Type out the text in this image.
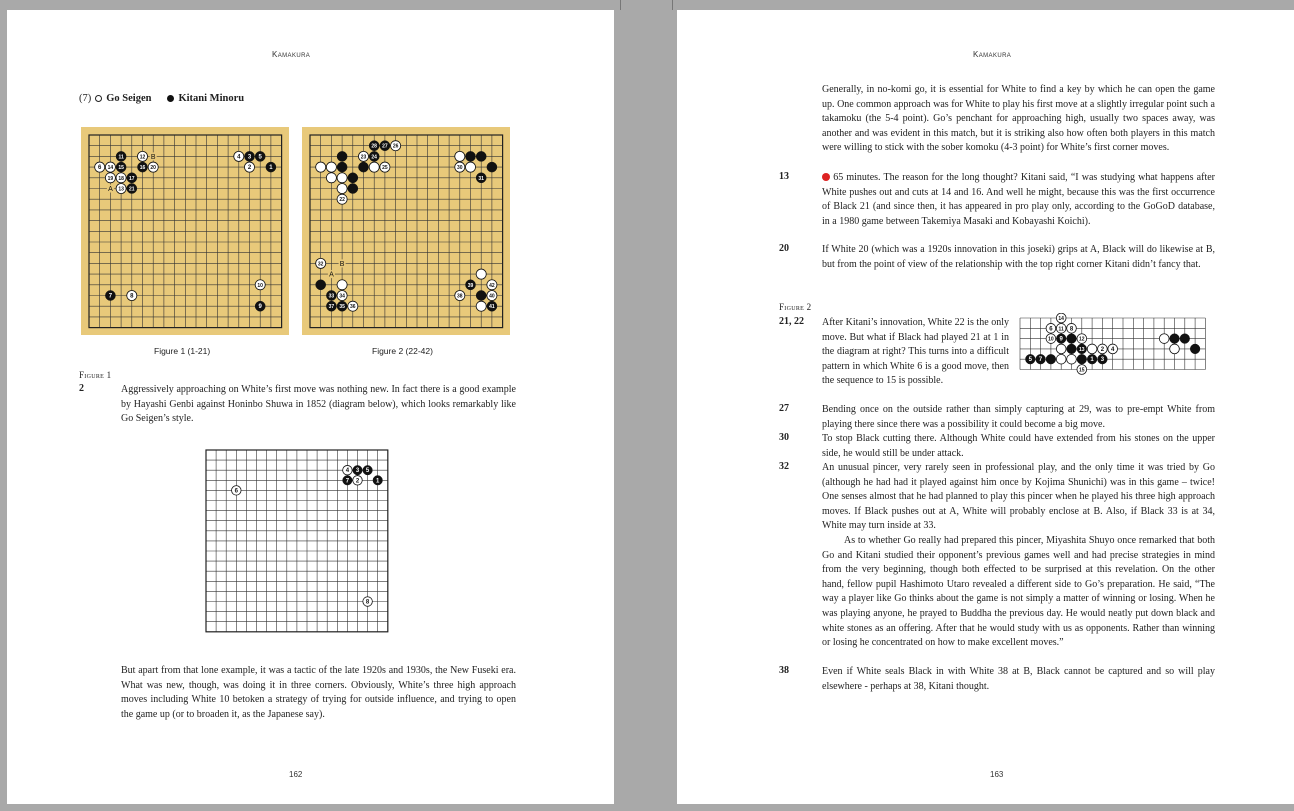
Kamakura
(7) Go Seigen	Kitani Minoru
B
A
11	12
6 14 15	16 20
19 18 17
13 21
4 3 5
2	1
10
9
7	8
B
A
28 27 26
23 24
25
22
30
31
32
33 34
37 35 36
39	42
38	40
41
Figure 1 (1-21)	Figure 2 (22-42)
Figure 1
2	Aggressively approaching on White’s first move was nothing new. In fact there is a good example by Hayashi Genbi against Honinbo Shuwa in 1852 (diagram below), which looks remarkably like Go Seigen’s style.
4 3 5
7 2	1
6
8
But apart from that lone example, it was a tactic of the late 1920s and 1930s, the New Fuseki era. What was new, though, was doing it in three corners. Obviously, White’s three high approach moves including White 10 betoken a strategy of trying for outside influence, and trying to open the game up (or to broaden it, as the Japanese say).
162
Kamakura
Generally, in no-komi go, it is essential for White to find a key by which he can open the game up. One common approach was for White to play his first move at a slightly irregular point such a takamoku (the 5-4 point). Go’s penchant for approaching high, usually two spaces away, was another and was evident in this match, but it is striking also how often both players in this match were willing to stick with the sober komoku (4-3 point) for White’s first corner moves.
13	65 minutes. The reason for the long thought? Kitani said, “I was studying what happens after White pushes out and cuts at 14 and 16. And well he might, because this was the first occurrence of Black 21 (and since then, it has appeared in pro play only, according to the GoGoD database, in a 1980 game between Takemiya Masaki and Kobayashi Koichi).
20	If White 20 (which was a 1920s innovation in this joseki) grips at A, Black will do likewise at B, but from the point of view of the relationship with the top right corner Kitani didn’t fancy that.
Figure 2
21, 22 After Kitani’s innovation, White 22 is the only move. But what if Black had played 21 at 1 in the diagram at right? This turns into a difficult pattern in which White 6 is a good move, then the sequence to 15 is possible.
14
6 11 8
10 9	12
13	2 4
5 7	1 3
15
27	Bending once on the outside rather than simply capturing at 29, was to pre-empt White from playing there since there was a possibility it could become a big move.
30	To stop Black cutting there. Although White could have extended from his stones on the upper side, he would still be under attack.
32	An unusual pincer, very rarely seen in professional play, and the only time it was tried by Go (although he had had it played against him once by Kojima Shunichi) was in this game – twice! One senses almost that he had planned to play this pincer when he played his three high approach moves. If Black pushes out at A, White will probably enclose at B. Also, if Black 33 is at 34, White may turn inside at 33.
As to whether Go really had prepared this pincer, Miyashita Shuyo once remarked that both Go and Kitani studied their opponent’s previous games well and had precise strategies in mind from the very beginning, though both effected to be surprised at this revelation. On the other hand, fellow pupil Hashimoto Utaro revealed a different side to Go’s preparation. He said, “The way a player like Go thinks about the game is not simply a matter of winning or losing. When he was playing anyone, he prayed to Buddha the previous day. He would neatly put down black and white stones as an offering. After that he would study with us as opponents. Rather than winning or losing he concentrated on how to make excellent moves.”
38	Even if White seals Black in with White 38 at B, Black cannot be captured and so will play elsewhere - perhaps at 38, Kitani thought.
163
